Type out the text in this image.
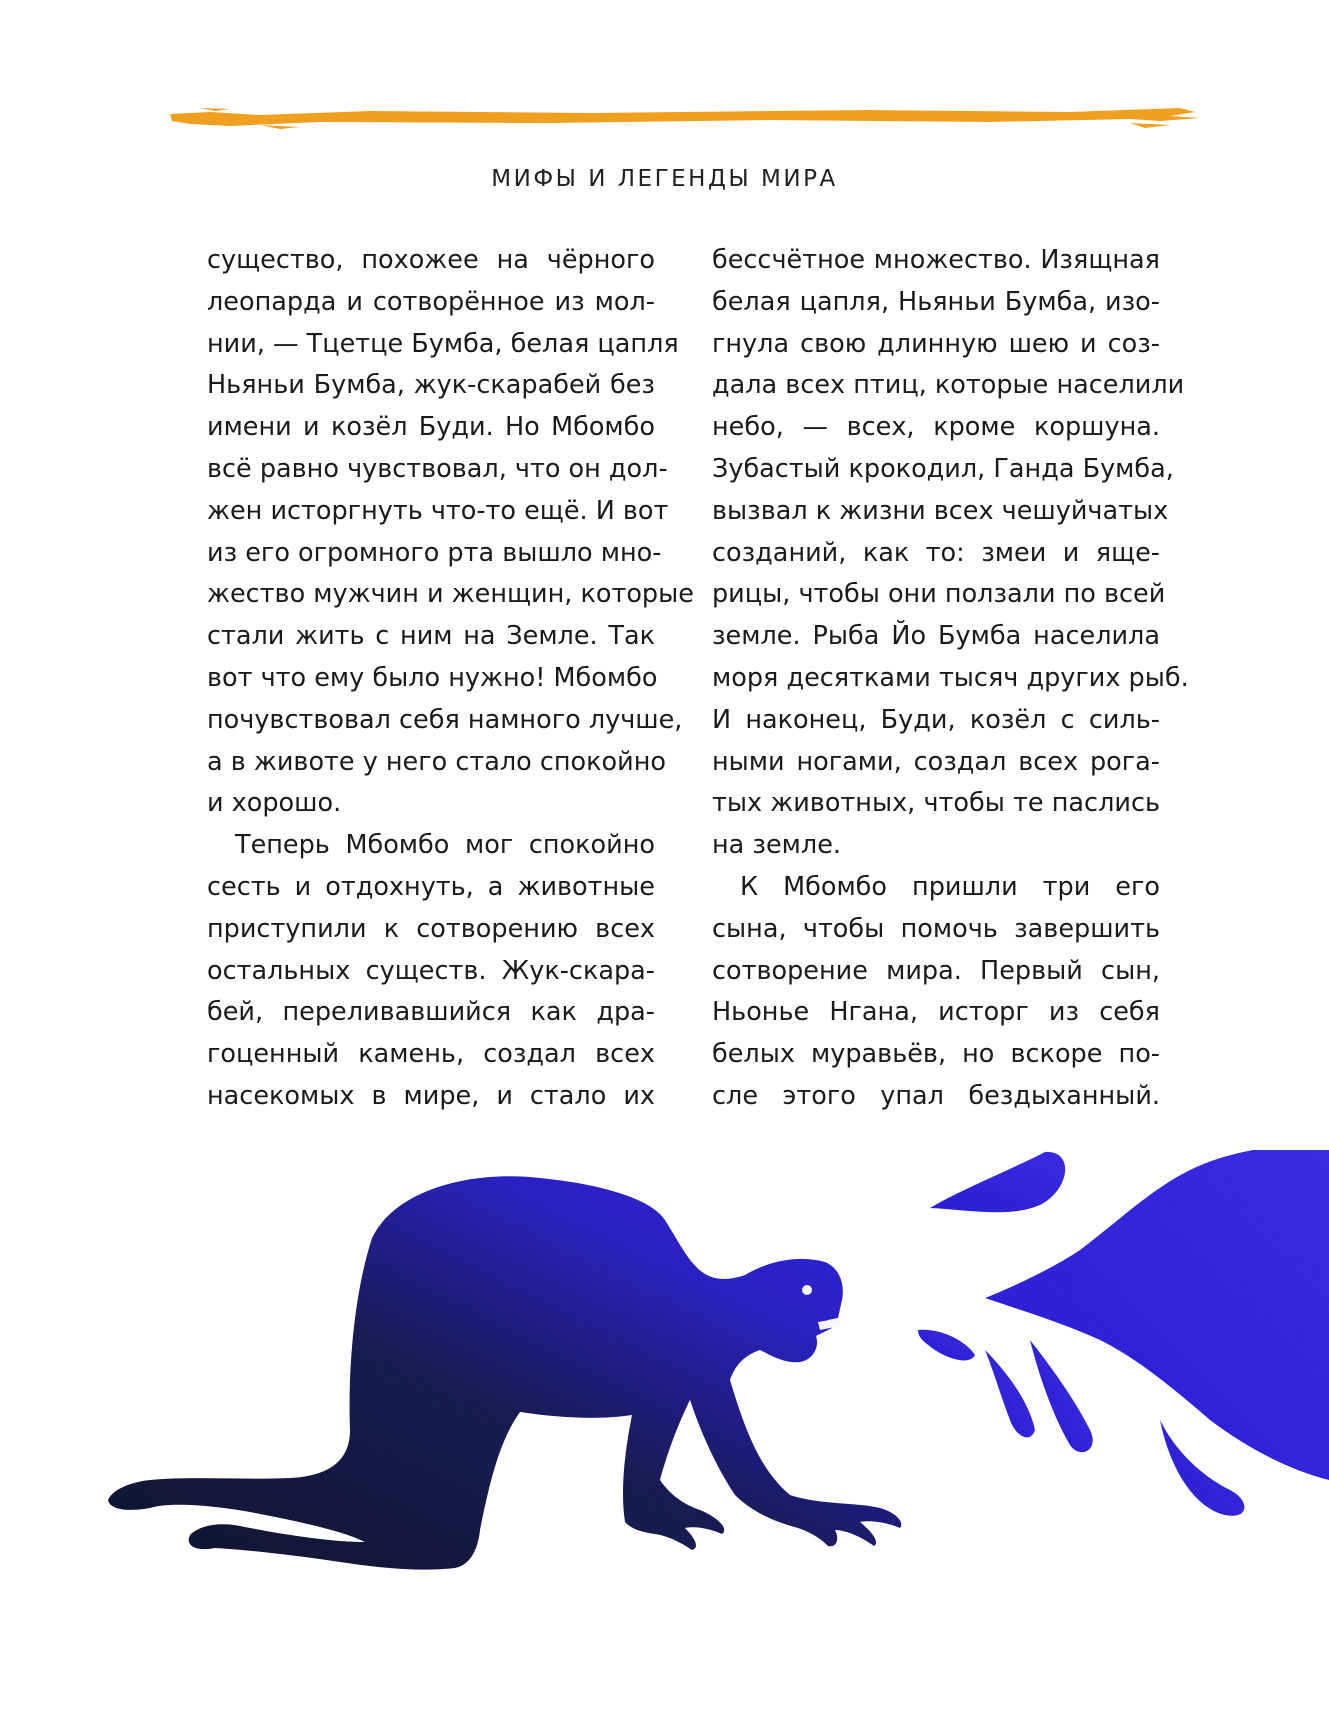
МИФЫ И ЛЕГЕНДЫ МИРА
существо, похожее на чёрного
леопарда и сотворённое из мол-
нии, — Тцетце Бумба, белая цапля
Ньяньи Бумба, жук-скарабей без
имени и козёл Буди. Но Мбомбо
всё равно чувствовал, что он дол-
жен исторгнуть что-то ещё. И вот
из его огромного рта вышло мно-
жество мужчин и женщин, которые
стали жить с ним на Земле. Так
вот что ему было нужно! Мбомбо
почувствовал себя намного лучше,
а в животе у него стало спокойно
и хорошо.
Теперь Мбомбо мог спокойно
сесть и отдохнуть, а животные
приступили к сотворению всех
остальных существ. Жук-скара-
бей, переливавшийся как дра-
гоценный камень, создал всех
насекомых в мире, и стало их
бессчётное множество. Изящная
белая цапля, Ньяньи Бумба, изо-
гнула свою длинную шею и соз-
дала всех птиц, которые населили
небо, — всех, кроме коршуна.
Зубастый крокодил, Ганда Бумба,
вызвал к жизни всех чешуйчатых
созданий, как то: змеи и яще-
рицы, чтобы они ползали по всей
земле. Рыба Йо Бумба населила
моря десятками тысяч других рыб.
И наконец, Буди, козёл с силь-
ными ногами, создал всех рога-
тых животных, чтобы те паслись
на земле.
К Мбомбо пришли три его
сына, чтобы помочь завершить
сотворение мира. Первый сын,
Ньонье Нгана, исторг из себя
белых муравьёв, но вскоре по-
сле этого упал бездыханный.
